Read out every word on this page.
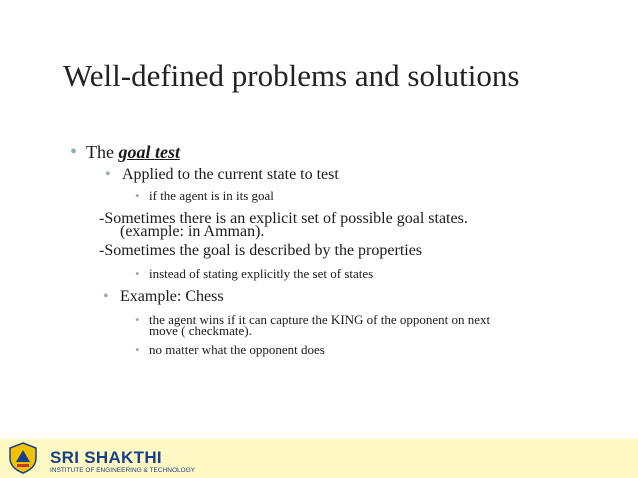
Well-defined problems and solutions
• The goal test
• Applied to the current state to test
• if the agent is in its goal
-Sometimes there is an explicit set of possible goal states.
(example: in Amman).
-Sometimes the goal is described by the properties
• instead of stating explicitly the set of states
• Example: Chess
• the agent wins if it can capture the KING of the opponent on next
move ( checkmate).
• no matter what the opponent does
SRI SHAKTHI
INSTITUTE OF ENGINEERING & TECHNOLOGY
